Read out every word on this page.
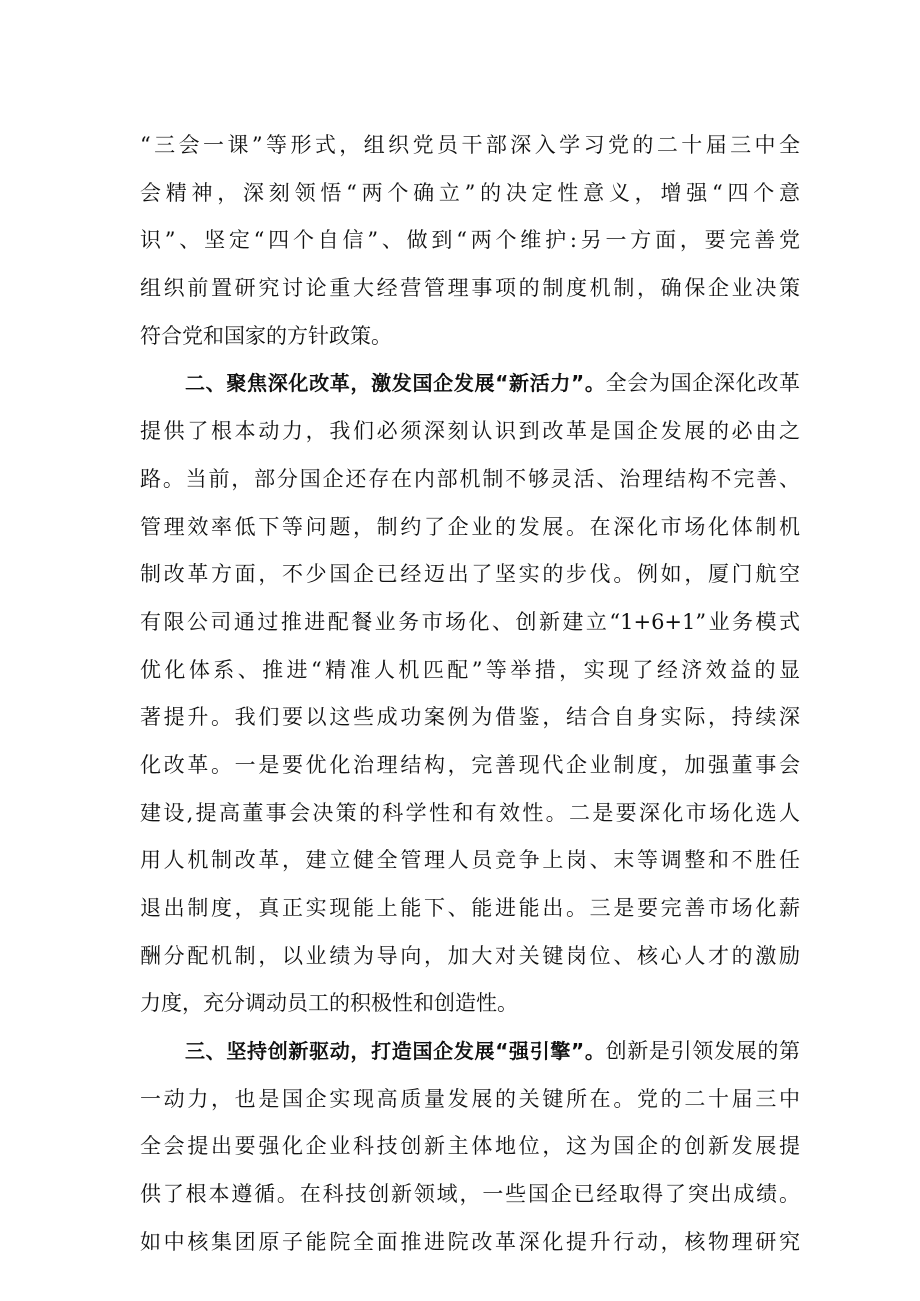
“三会一课”等形式，组织党员干部深入学习党的二十届三中全
会精神，深刻领悟“两个确立”的决定性意义，增强“四个意
识”、坚定“四个自信”、做到“两个维护:另一方面，要完善党
组织前置研究讨论重大经营管理事项的制度机制，确保企业决策
符合党和国家的方针政策。
二、聚焦深化改革，激发国企发展“新活力”。全会为国企深化改革
提供了根本动力，我们必须深刻认识到改革是国企发展的必由之
路。当前，部分国企还存在内部机制不够灵活、治理结构不完善、
管理效率低下等问题，制约了企业的发展。在深化市场化体制机
制改革方面，不少国企已经迈出了坚实的步伐。例如，厦门航空
有限公司通过推进配餐业务市场化、创新建立“1+6+1”业务模式
优化体系、推进“精准人机匹配”等举措，实现了经济效益的显
著提升。我们要以这些成功案例为借鉴，结合自身实际，持续深
化改革。一是要优化治理结构，完善现代企业制度，加强董事会
建设,提高董事会决策的科学性和有效性。二是要深化市场化选人
用人机制改革，建立健全管理人员竞争上岗、末等调整和不胜任
退出制度，真正实现能上能下、能进能出。三是要完善市场化薪
酬分配机制，以业绩为导向，加大对关键岗位、核心人才的激励
力度，充分调动员工的积极性和创造性。
三、坚持创新驱动，打造国企发展“强引擎”。创新是引领发展的第
一动力，也是国企实现高质量发展的关键所在。党的二十届三中
全会提出要强化企业科技创新主体地位，这为国企的创新发展提
供了根本遵循。在科技创新领域，一些国企已经取得了突出成绩。
如中核集团原子能院全面推进院改革深化提升行动，核物理研究
